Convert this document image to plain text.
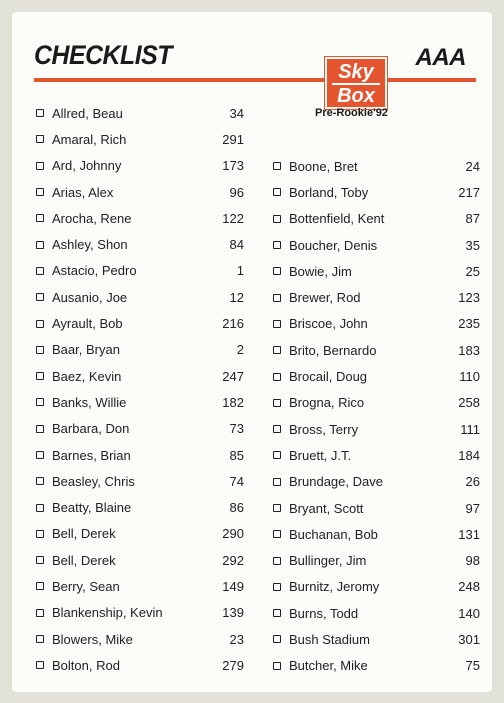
CHECKLIST	AAA
Sky
Box
Pre-Rookie'92
Allred, Beau	34
Amaral, Rich	291
Ard, Johnny	173
Arias, Alex	96
Arocha, Rene	122
Ashley, Shon	84
Astacio, Pedro	1
Ausanio, Joe	12
Ayrault, Bob	216
Baar, Bryan	2
Baez, Kevin	247
Banks, Willie	182
Barbara, Don	73
Barnes, Brian	85
Beasley, Chris	74
Beatty, Blaine	86
Bell, Derek	290
Bell, Derek	292
Berry, Sean	149
Blankenship, Kevin	139
Blowers, Mike	23
Bolton, Rod	279
Boone, Bret	24
Borland, Toby	217
Bottenfield, Kent	87
Boucher, Denis	35
Bowie, Jim	25
Brewer, Rod	123
Briscoe, John	235
Brito, Bernardo	183
Brocail, Doug	110
Brogna, Rico	258
Bross, Terry	111
Bruett, J.T.	184
Brundage, Dave	26
Bryant, Scott	97
Buchanan, Bob	131
Bullinger, Jim	98
Burnitz, Jeromy	248
Burns, Todd	140
Bush Stadium	301
Butcher, Mike	75
